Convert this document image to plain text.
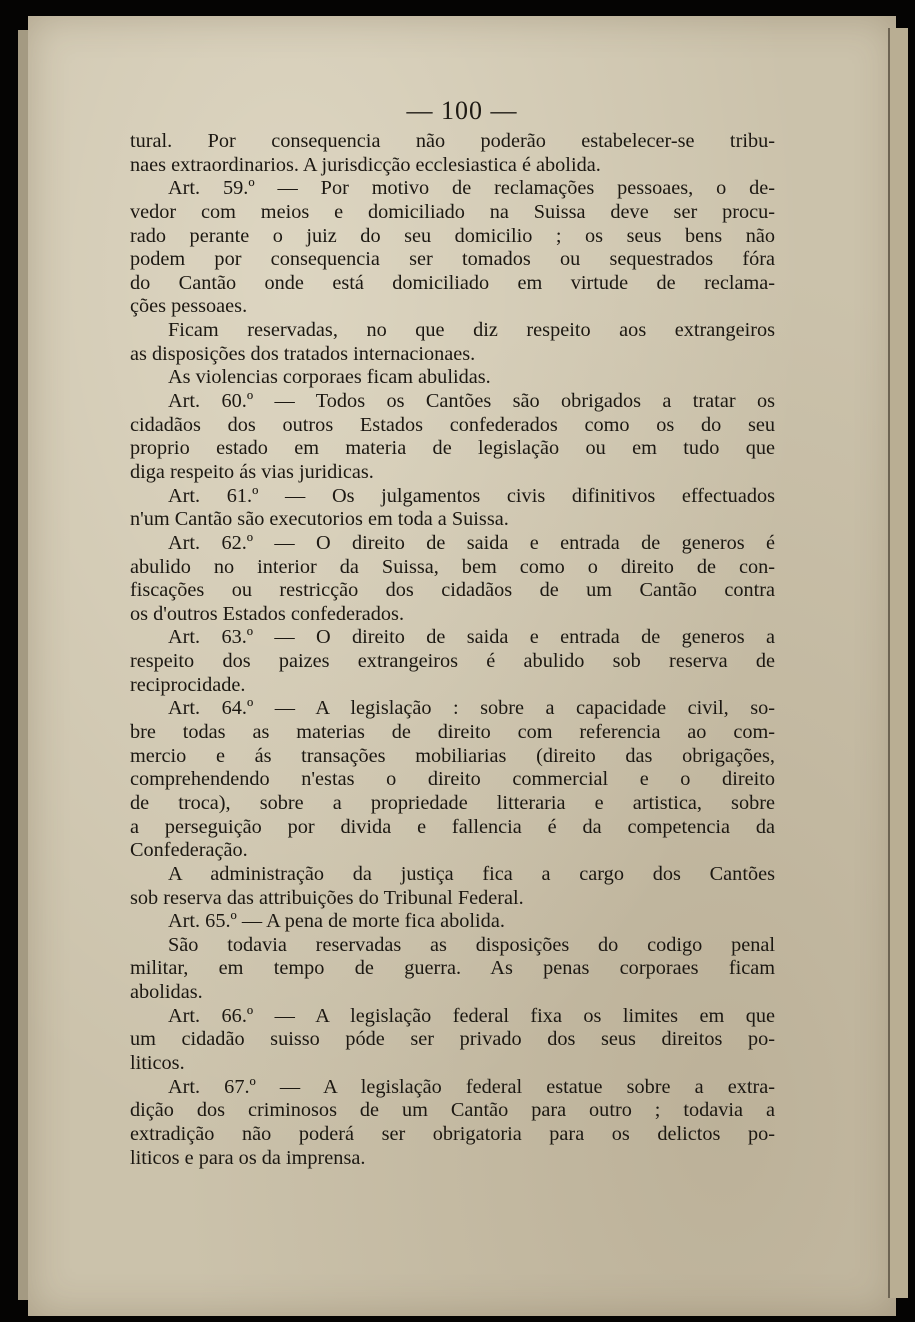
— 100 —
tural. Por consequencia não poderão estabelecer-se tribu-
naes extraordinarios. A jurisdicção ecclesiastica é abolida.
Art. 59.º — Por motivo de reclamações pessoaes, o de-
vedor com meios e domiciliado na Suissa deve ser procu-
rado perante o juiz do seu domicilio ; os seus bens não
podem por consequencia ser tomados ou sequestrados fóra
do Cantão onde está domiciliado em virtude de reclama-
ções pessoaes.
Ficam reservadas, no que diz respeito aos extrangeiros
as disposições dos tratados internacionaes.
As violencias corporaes ficam abulidas.
Art. 60.º — Todos os Cantões são obrigados a tratar os
cidadãos dos outros Estados confederados como os do seu
proprio estado em materia de legislação ou em tudo que
diga respeito ás vias juridicas.
Art. 61.º — Os julgamentos civis difinitivos effectuados
n'um Cantão são executorios em toda a Suissa.
Art. 62.º — O direito de saida e entrada de generos é
abulido no interior da Suissa, bem como o direito de con-
fiscações ou restricção dos cidadãos de um Cantão contra
os d'outros Estados confederados.
Art. 63.º — O direito de saida e entrada de generos a
respeito dos paizes extrangeiros é abulido sob reserva de
reciprocidade.
Art. 64.º — A legislação : sobre a capacidade civil, so-
bre todas as materias de direito com referencia ao com-
mercio e ás transações mobiliarias (direito das obrigações,
comprehendendo n'estas o direito commercial e o direito
de troca), sobre a propriedade litteraria e artistica, sobre
a perseguição por divida e fallencia é da competencia da
Confederação.
A administração da justiça fica a cargo dos Cantões
sob reserva das attribuições do Tribunal Federal.
Art. 65.º — A pena de morte fica abolida.
São todavia reservadas as disposições do codigo penal
militar, em tempo de guerra. As penas corporaes ficam
abolidas.
Art. 66.º — A legislação federal fixa os limites em que
um cidadão suisso póde ser privado dos seus direitos po-
liticos.
Art. 67.º — A legislação federal estatue sobre a extra-
dição dos criminosos de um Cantão para outro ; todavia a
extradição não poderá ser obrigatoria para os delictos po-
liticos e para os da imprensa.
